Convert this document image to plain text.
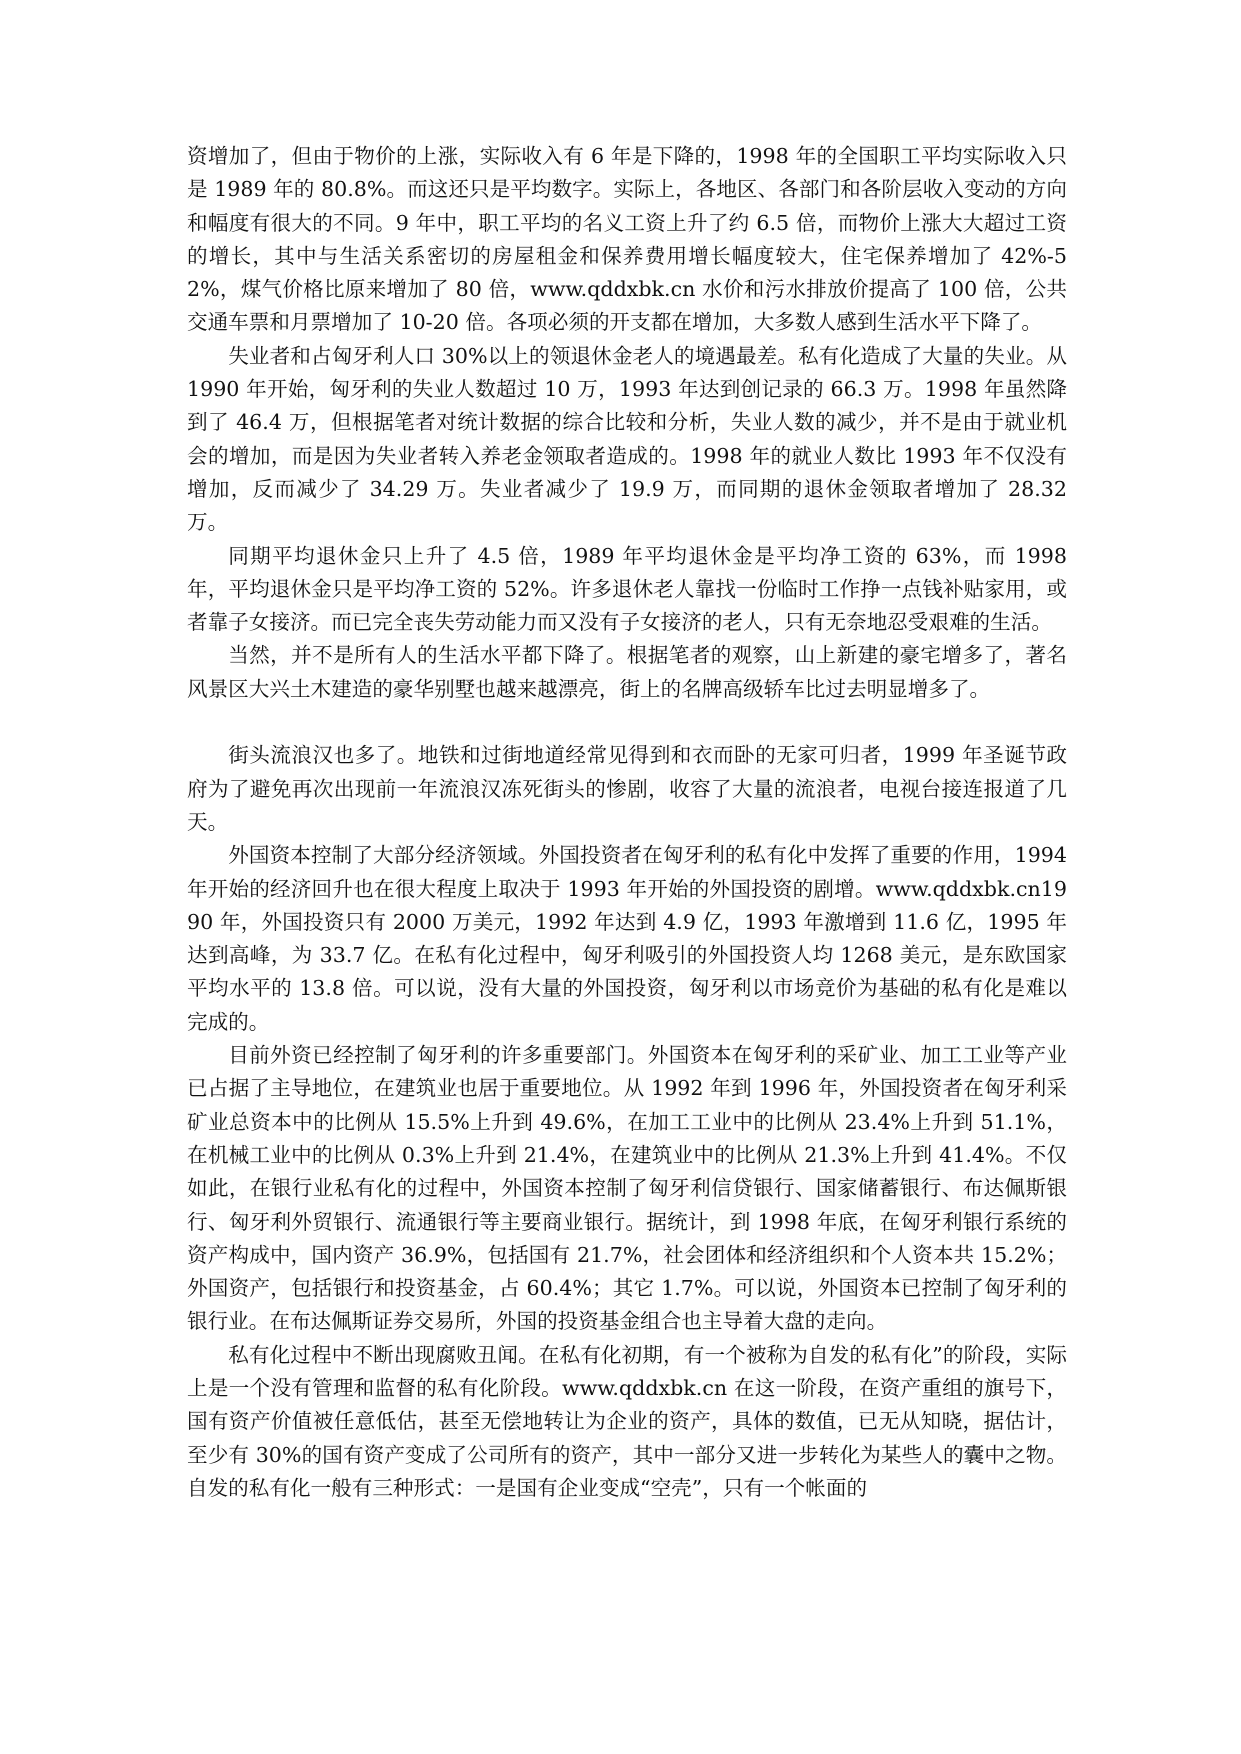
资增加了，但由于物价的上涨，实际收入有 6 年是下降的，1998 年的全国职工平均实际收入只是 1989 年的 80.8%。而这还只是平均数字。实际上，各地区、各部门和各阶层收入变动的方向和幅度有很大的不同。9 年中，职工平均的名义工资上升了约 6.5 倍，而物价上涨大大超过工资的增长，其中与生活关系密切的房屋租金和保养费用增长幅度较大，住宅保养增加了 42%-52%，煤气价格比原来增加了 80 倍，www.qddxbk.cn 水价和污水排放价提高了 100 倍，公共交通车票和月票增加了 10-20 倍。各项必须的开支都在增加，大多数人感到生活水平下降了。

失业者和占匈牙利人口 30%以上的领退休金老人的境遇最差。私有化造成了大量的失业。从 1990 年开始，匈牙利的失业人数超过 10 万，1993 年达到创记录的 66.3 万。1998 年虽然降到了 46.4 万，但根据笔者对统计数据的综合比较和分析，失业人数的减少，并不是由于就业机会的增加，而是因为失业者转入养老金领取者造成的。1998 年的就业人数比 1993 年不仅没有增加，反而减少了 34.29 万。失业者减少了 19.9 万，而同期的退休金领取者增加了 28.32 万。

同期平均退休金只上升了 4.5 倍，1989 年平均退休金是平均净工资的 63%，而 1998 年，平均退休金只是平均净工资的 52%。许多退休老人靠找一份临时工作挣一点钱补贴家用，或者靠子女接济。而已完全丧失劳动能力而又没有子女接济的老人，只有无奈地忍受艰难的生活。

当然，并不是所有人的生活水平都下降了。根据笔者的观察，山上新建的豪宅增多了，著名风景区大兴土木建造的豪华别墅也越来越漂亮，街上的名牌高级轿车比过去明显增多了。

街头流浪汉也多了。地铁和过街地道经常见得到和衣而卧的无家可归者，1999 年圣诞节政府为了避免再次出现前一年流浪汉冻死街头的惨剧，收容了大量的流浪者，电视台接连报道了几天。

外国资本控制了大部分经济领域。外国投资者在匈牙利的私有化中发挥了重要的作用，1994 年开始的经济回升也在很大程度上取决于 1993 年开始的外国投资的剧增。www.qddxbk.cn1990 年，外国投资只有 2000 万美元，1992 年达到 4.9 亿，1993 年激增到 11.6 亿，1995 年达到高峰，为 33.7 亿。在私有化过程中，匈牙利吸引的外国投资人均 1268 美元，是东欧国家平均水平的 13.8 倍。可以说，没有大量的外国投资，匈牙利以市场竞价为基础的私有化是难以完成的。

目前外资已经控制了匈牙利的许多重要部门。外国资本在匈牙利的采矿业、加工工业等产业已占据了主导地位，在建筑业也居于重要地位。从 1992 年到 1996 年，外国投资者在匈牙利采矿业总资本中的比例从 15.5%上升到 49.6%，在加工工业中的比例从 23.4%上升到 51.1%，在机械工业中的比例从 0.3%上升到 21.4%，在建筑业中的比例从 21.3%上升到 41.4%。不仅如此，在银行业私有化的过程中，外国资本控制了匈牙利信贷银行、国家储蓄银行、布达佩斯银行、匈牙利外贸银行、流通银行等主要商业银行。据统计，到 1998 年底，在匈牙利银行系统的资产构成中，国内资产 36.9%，包括国有 21.7%，社会团体和经济组织和个人资本共 15.2%；外国资产，包括银行和投资基金，占 60.4%；其它 1.7%。可以说，外国资本已控制了匈牙利的银行业。在布达佩斯证券交易所，外国的投资基金组合也主导着大盘的走向。

私有化过程中不断出现腐败丑闻。在私有化初期，有一个被称为自发的私有化”的阶段，实际上是一个没有管理和监督的私有化阶段。www.qddxbk.cn 在这一阶段，在资产重组的旗号下，国有资产价值被任意低估，甚至无偿地转让为企业的资产，具体的数值，已无从知晓，据估计，至少有 30%的国有资产变成了公司所有的资产，其中一部分又进一步转化为某些人的囊中之物。自发的私有化一般有三种形式：一是国有企业变成“空壳”，只有一个帐面的
